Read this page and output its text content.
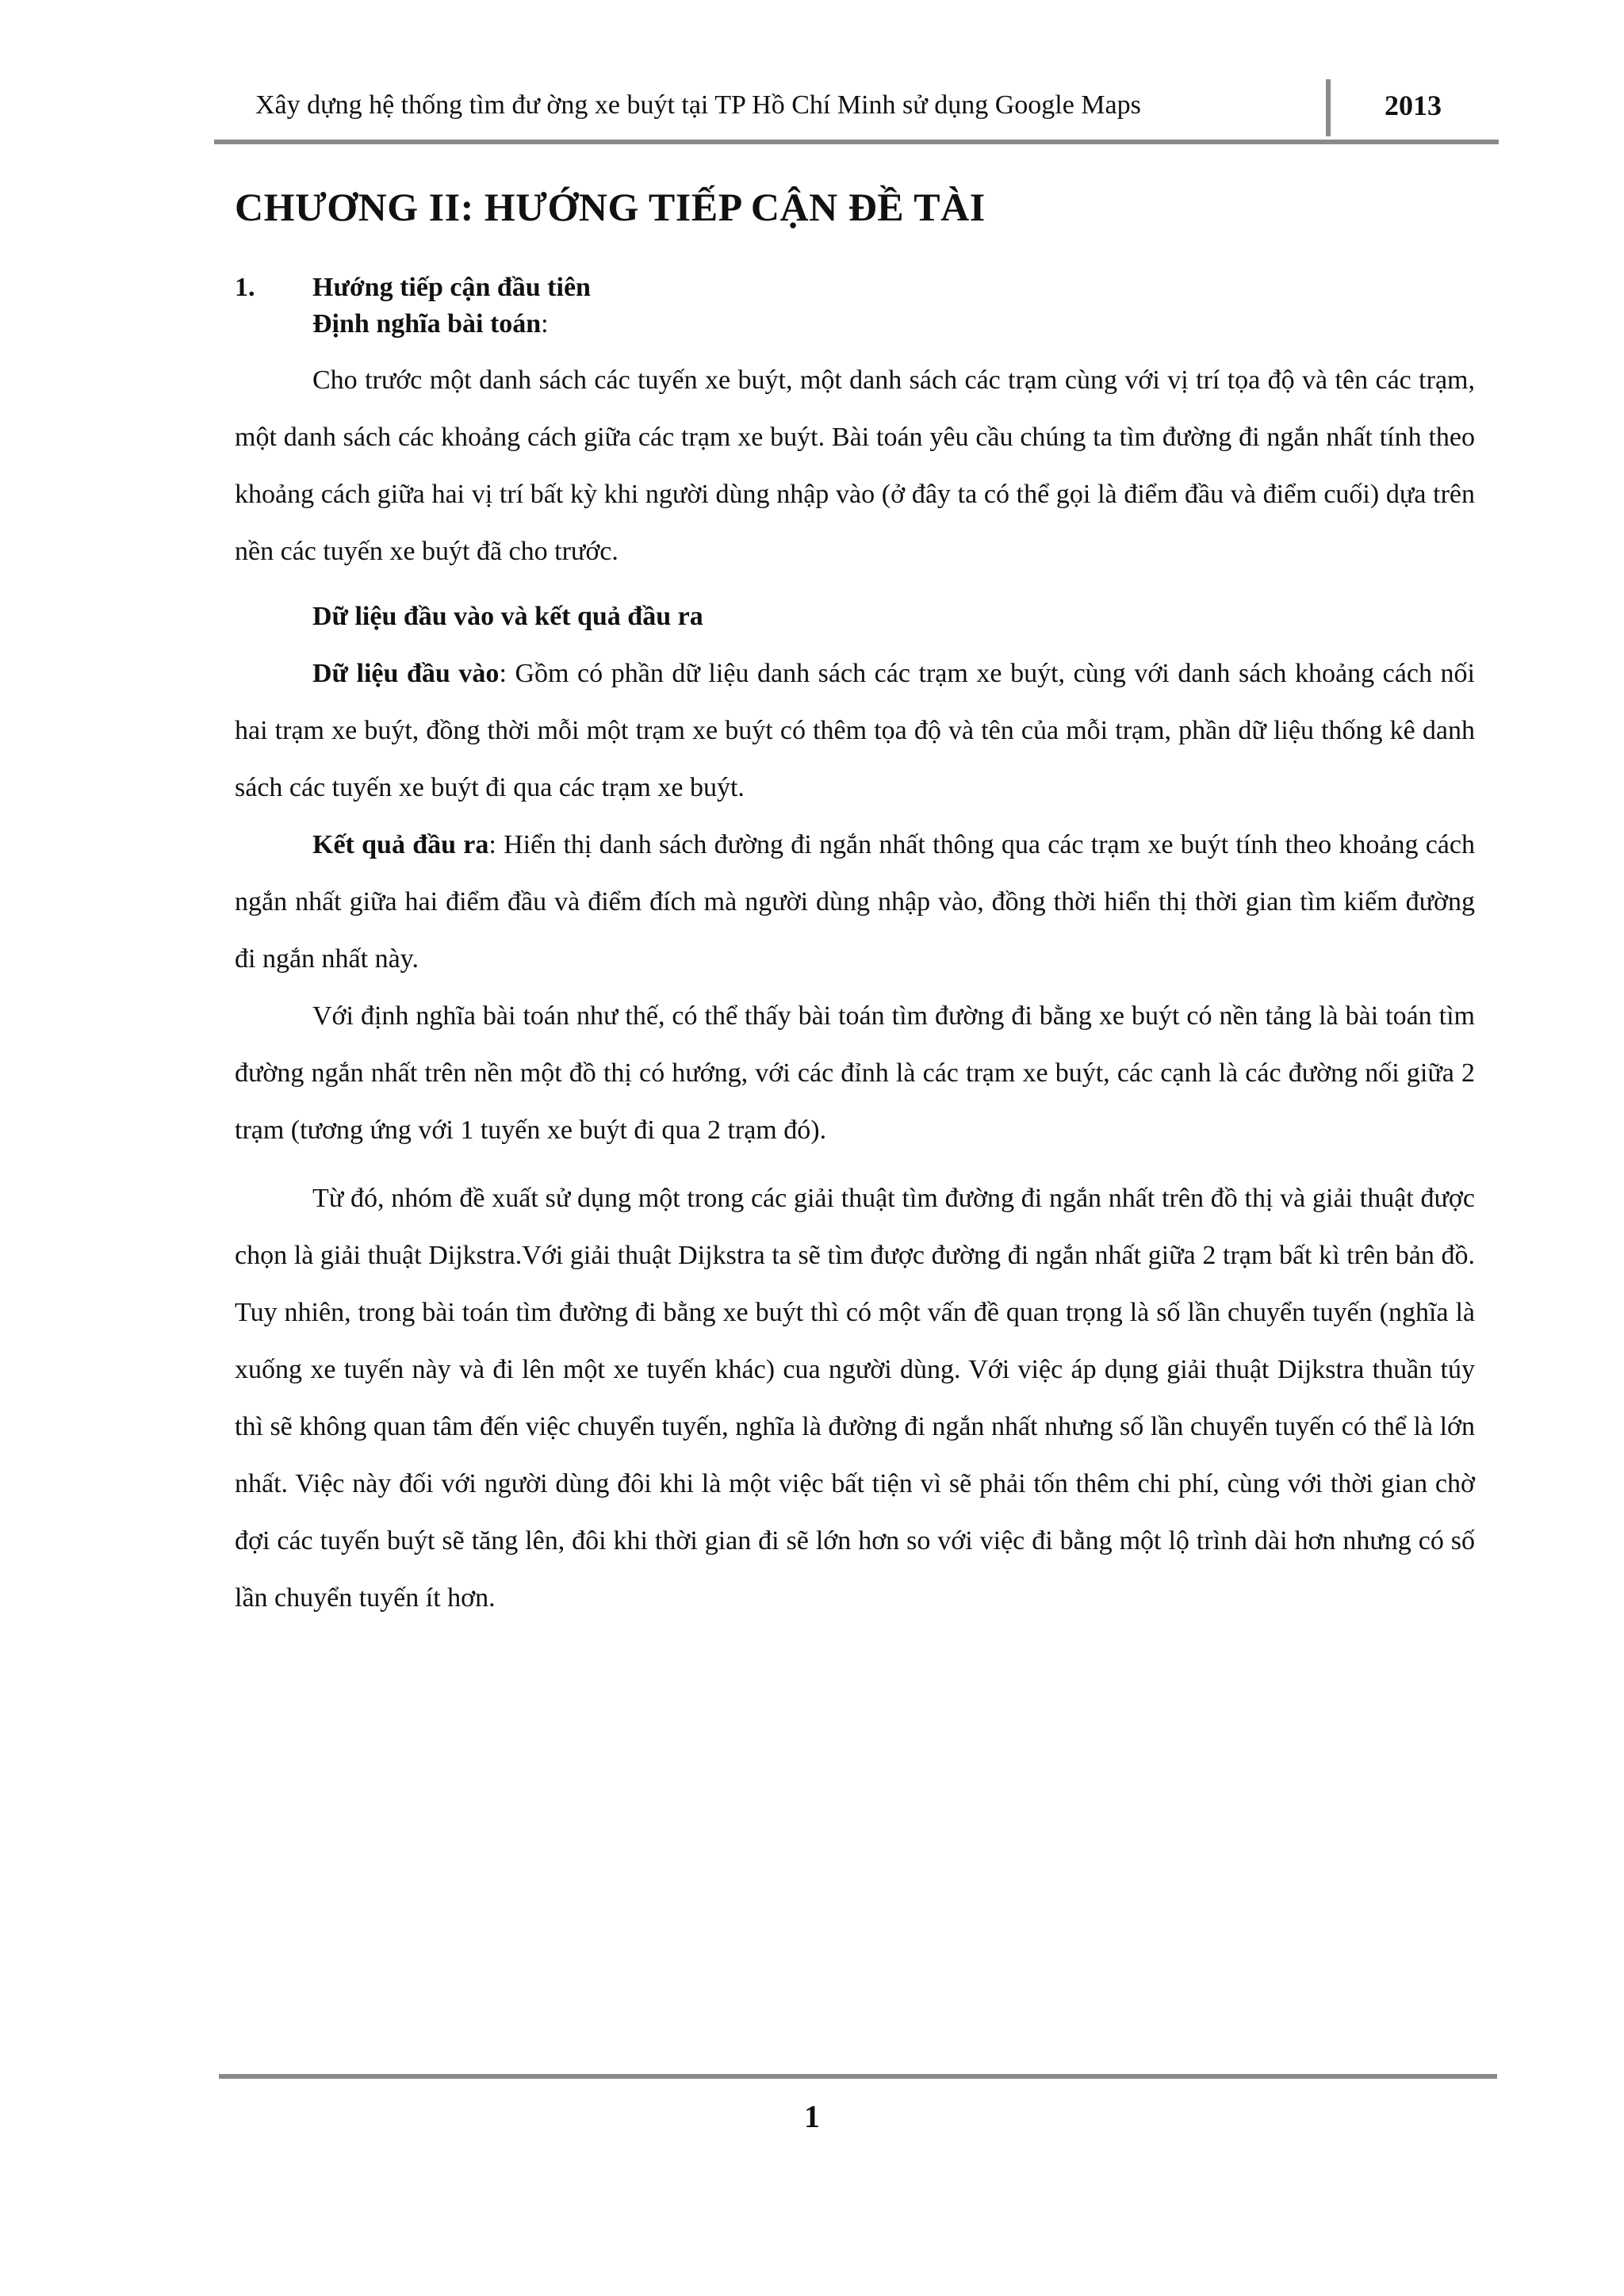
Xây dựng hệ thống tìm đư ờng xe buýt tại TP Hồ Chí Minh sử dụng Google Maps	2013
CHƯƠNG II: HƯỚNG TIẾP CẬN ĐỀ TÀI
1.	Hướng tiếp cận đầu tiên
Định nghĩa bài toán:

Cho trước một danh sách các tuyến xe buýt, một danh sách các trạm cùng với vị trí tọa độ và tên các trạm, một danh sách các khoảng cách giữa các trạm xe buýt. Bài toán yêu cầu chúng ta tìm đường đi ngắn nhất tính theo khoảng cách giữa hai vị trí bất kỳ khi người dùng nhập vào (ở đây ta có thể gọi là điểm đầu và điểm cuối) dựa trên nền các tuyến xe buýt đã cho trước.

Dữ liệu đầu vào và kết quả đầu ra

Dữ liệu đầu vào: Gồm có phần dữ liệu danh sách các trạm xe buýt, cùng với danh sách khoảng cách nối hai trạm xe buýt, đồng thời mỗi một trạm xe buýt có thêm tọa độ và tên của mỗi trạm, phần dữ liệu thống kê danh sách các tuyến xe buýt đi qua các trạm xe buýt.

Kết quả đầu ra: Hiển thị danh sách đường đi ngắn nhất thông qua các trạm xe buýt tính theo khoảng cách ngắn nhất giữa hai điểm đầu và điểm đích mà người dùng nhập vào, đồng thời hiển thị thời gian tìm kiếm đường đi ngắn nhất này.

Với định nghĩa bài toán như thế, có thể thấy bài toán tìm đường đi bằng xe buýt có nền tảng là bài toán tìm đường ngắn nhất trên nền một đồ thị có hướng, với các đỉnh là các trạm xe buýt, các cạnh là các đường nối giữa 2 trạm (tương ứng với 1 tuyến xe buýt đi qua 2 trạm đó).

Từ đó, nhóm đề xuất sử dụng một trong các giải thuật tìm đường đi ngắn nhất trên đồ thị và giải thuật được chọn là giải thuật Dijkstra.Với giải thuật Dijkstra ta sẽ tìm được đường đi ngắn nhất giữa 2 trạm bất kì trên bản đồ. Tuy nhiên, trong bài toán tìm đường đi bằng xe buýt thì có một vấn đề quan trọng là số lần chuyển tuyến (nghĩa là xuống xe tuyến này và đi lên một xe tuyến khác) cua người dùng. Với việc áp dụng giải thuật Dijkstra thuần túy thì sẽ không quan tâm đến việc chuyển tuyến, nghĩa là đường đi ngắn nhất nhưng số lần chuyển tuyến có thể là lớn nhất. Việc này đối với người dùng đôi khi là một việc bất tiện vì sẽ phải tốn thêm chi phí, cùng với thời gian chờ đợi các tuyến buýt sẽ tăng lên, đôi khi thời gian đi sẽ lớn hơn so với việc đi bằng một lộ trình dài hơn nhưng có số lần chuyển tuyến ít hơn.

1
